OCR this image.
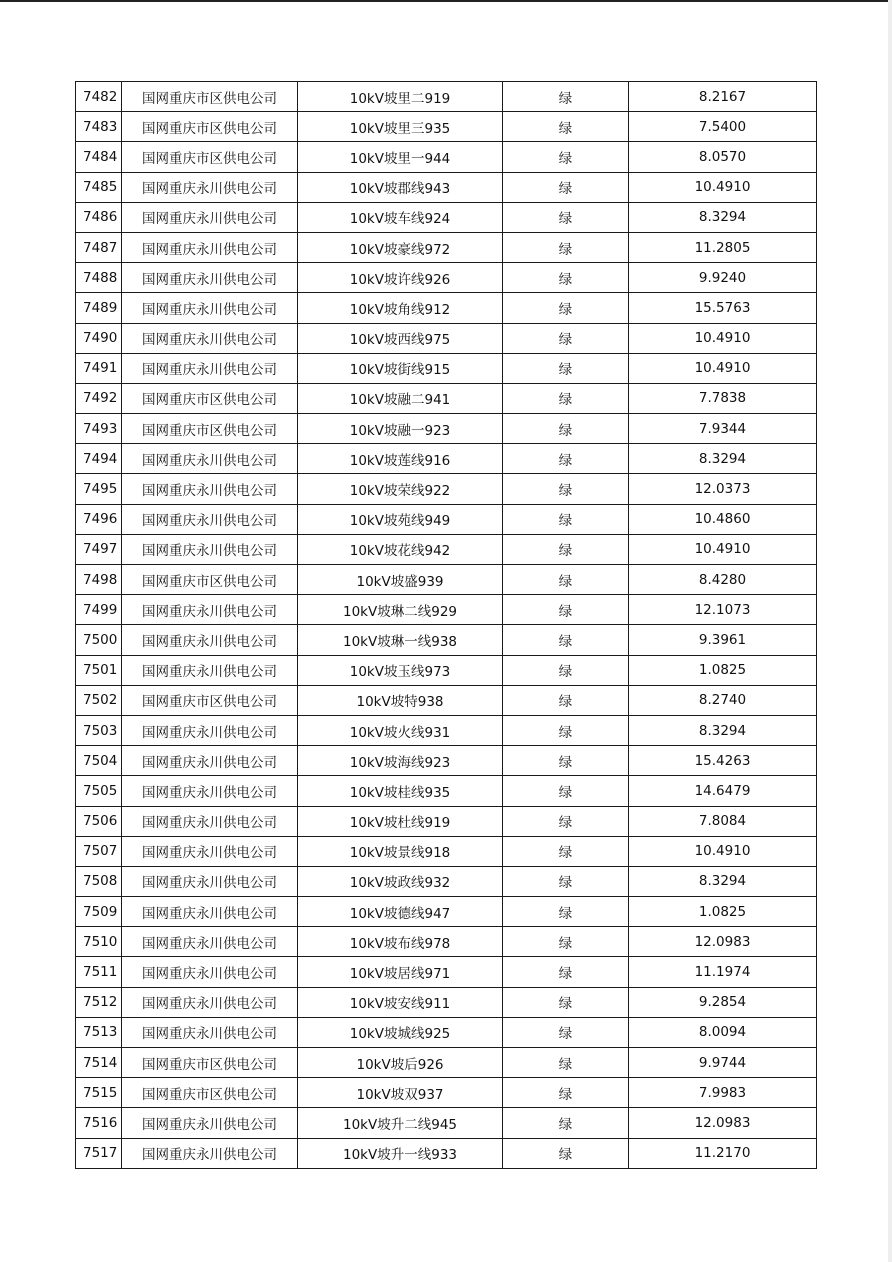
7482	国网重庆市区供电公司	10kV坡里二919	绿	8.2167
7483	国网重庆市区供电公司	10kV坡里三935	绿	7.5400
7484	国网重庆市区供电公司	10kV坡里一944	绿	8.0570
7485	国网重庆永川供电公司	10kV坡郡线943	绿	10.4910
7486	国网重庆永川供电公司	10kV坡车线924	绿	8.3294
7487	国网重庆永川供电公司	10kV坡豪线972	绿	11.2805
7488	国网重庆永川供电公司	10kV坡许线926	绿	9.9240
7489	国网重庆永川供电公司	10kV坡角线912	绿	15.5763
7490	国网重庆永川供电公司	10kV坡西线975	绿	10.4910
7491	国网重庆永川供电公司	10kV坡街线915	绿	10.4910
7492	国网重庆市区供电公司	10kV坡融二941	绿	7.7838
7493	国网重庆市区供电公司	10kV坡融一923	绿	7.9344
7494	国网重庆永川供电公司	10kV坡莲线916	绿	8.3294
7495	国网重庆永川供电公司	10kV坡荣线922	绿	12.0373
7496	国网重庆永川供电公司	10kV坡苑线949	绿	10.4860
7497	国网重庆永川供电公司	10kV坡花线942	绿	10.4910
7498	国网重庆市区供电公司	10kV坡盛939	绿	8.4280
7499	国网重庆永川供电公司	10kV坡琳二线929	绿	12.1073
7500	国网重庆永川供电公司	10kV坡琳一线938	绿	9.3961
7501	国网重庆永川供电公司	10kV坡玉线973	绿	1.0825
7502	国网重庆市区供电公司	10kV坡特938	绿	8.2740
7503	国网重庆永川供电公司	10kV坡火线931	绿	8.3294
7504	国网重庆永川供电公司	10kV坡海线923	绿	15.4263
7505	国网重庆永川供电公司	10kV坡桂线935	绿	14.6479
7506	国网重庆永川供电公司	10kV坡杜线919	绿	7.8084
7507	国网重庆永川供电公司	10kV坡景线918	绿	10.4910
7508	国网重庆永川供电公司	10kV坡政线932	绿	8.3294
7509	国网重庆永川供电公司	10kV坡德线947	绿	1.0825
7510	国网重庆永川供电公司	10kV坡布线978	绿	12.0983
7511	国网重庆永川供电公司	10kV坡居线971	绿	11.1974
7512	国网重庆永川供电公司	10kV坡安线911	绿	9.2854
7513	国网重庆永川供电公司	10kV坡城线925	绿	8.0094
7514	国网重庆市区供电公司	10kV坡后926	绿	9.9744
7515	国网重庆市区供电公司	10kV坡双937	绿	7.9983
7516	国网重庆永川供电公司	10kV坡升二线945	绿	12.0983
7517	国网重庆永川供电公司	10kV坡升一线933	绿	11.2170
